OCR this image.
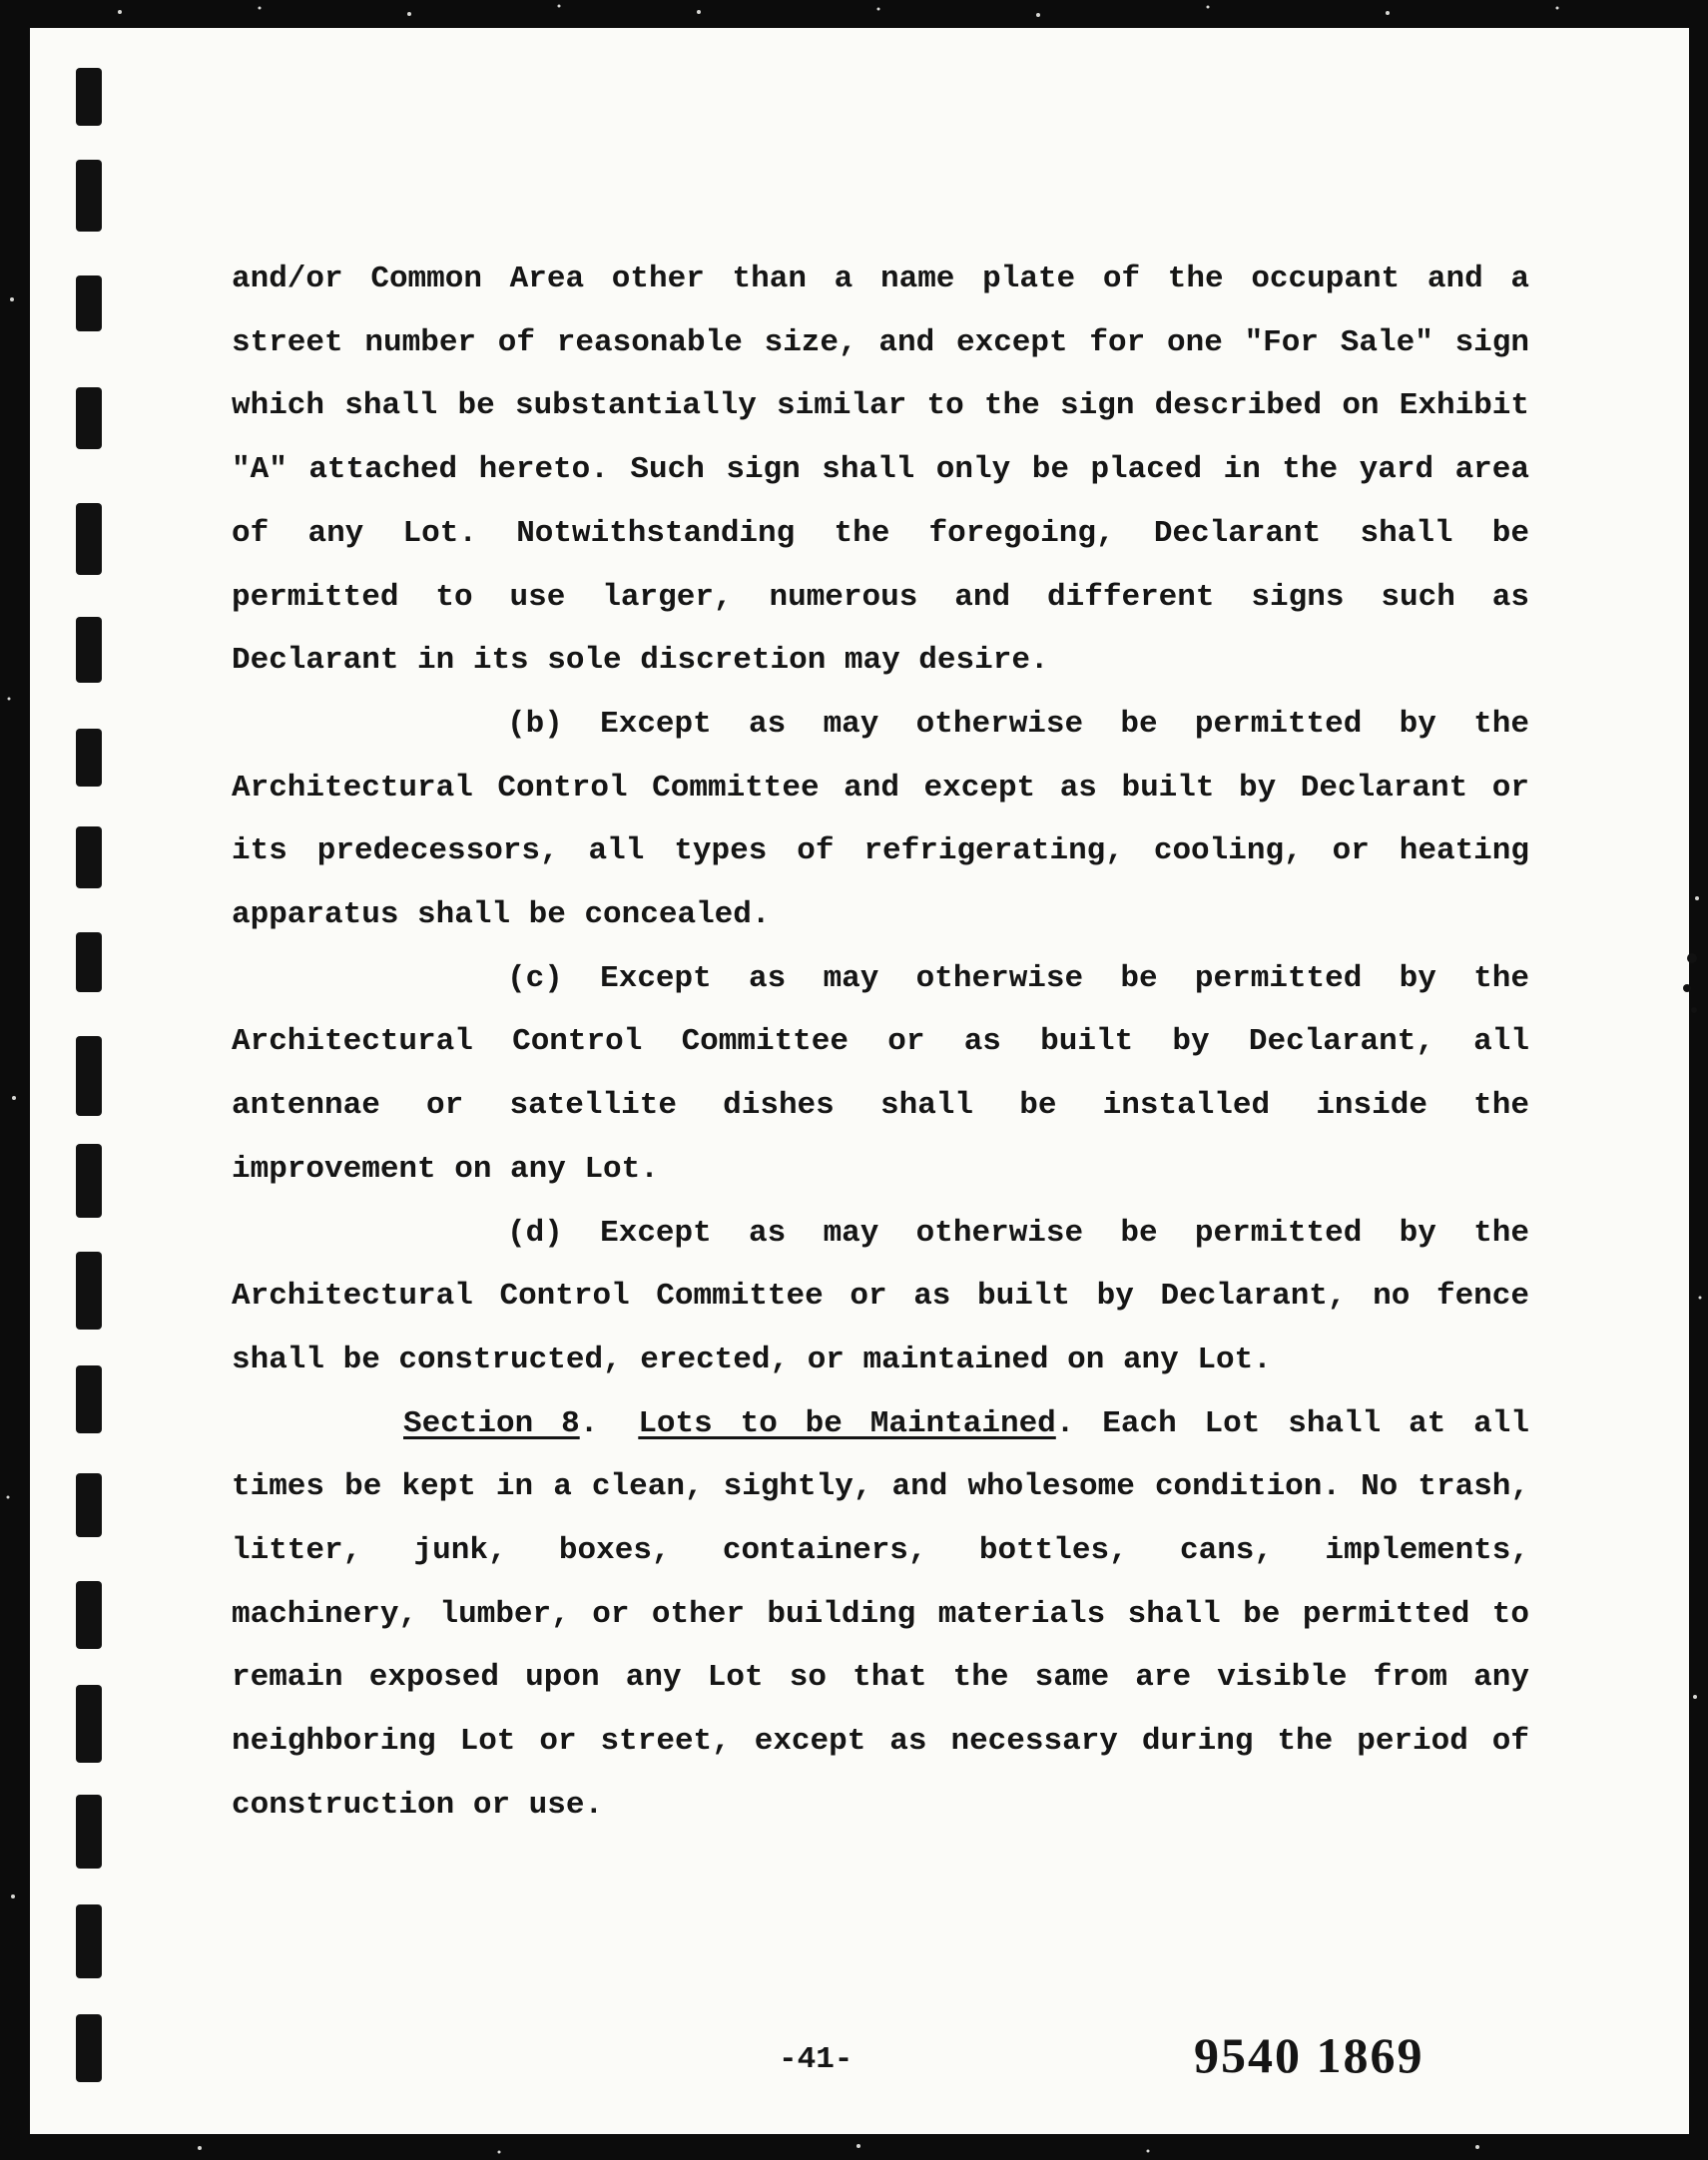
and/or Common Area other than a name plate of the occupant and a street number of reasonable size, and except for one "For Sale" sign which shall be substantially similar to the sign described on Exhibit "A" attached hereto. Such sign shall only be placed in the yard area of any Lot. Notwithstanding the foregoing, Declarant shall be permitted to use larger, numerous and different signs such as Declarant in its sole discretion may desire.

(b) Except as may otherwise be permitted by the Architectural Control Committee and except as built by Declarant or its predecessors, all types of refrigerating, cooling, or heating apparatus shall be concealed.

(c) Except as may otherwise be permitted by the Architectural Control Committee or as built by Declarant, all antennae or satellite dishes shall be installed inside the improvement on any Lot.

(d) Except as may otherwise be permitted by the Architectural Control Committee or as built by Declarant, no fence shall be constructed, erected, or maintained on any Lot.

Section 8. Lots to be Maintained. Each Lot shall at all times be kept in a clean, sightly, and wholesome condition. No trash, litter, junk, boxes, containers, bottles, cans, implements, machinery, lumber, or other building materials shall be permitted to remain exposed upon any Lot so that the same are visible from any neighboring Lot or street, except as necessary during the period of construction or use.

-41-	9540 1869
